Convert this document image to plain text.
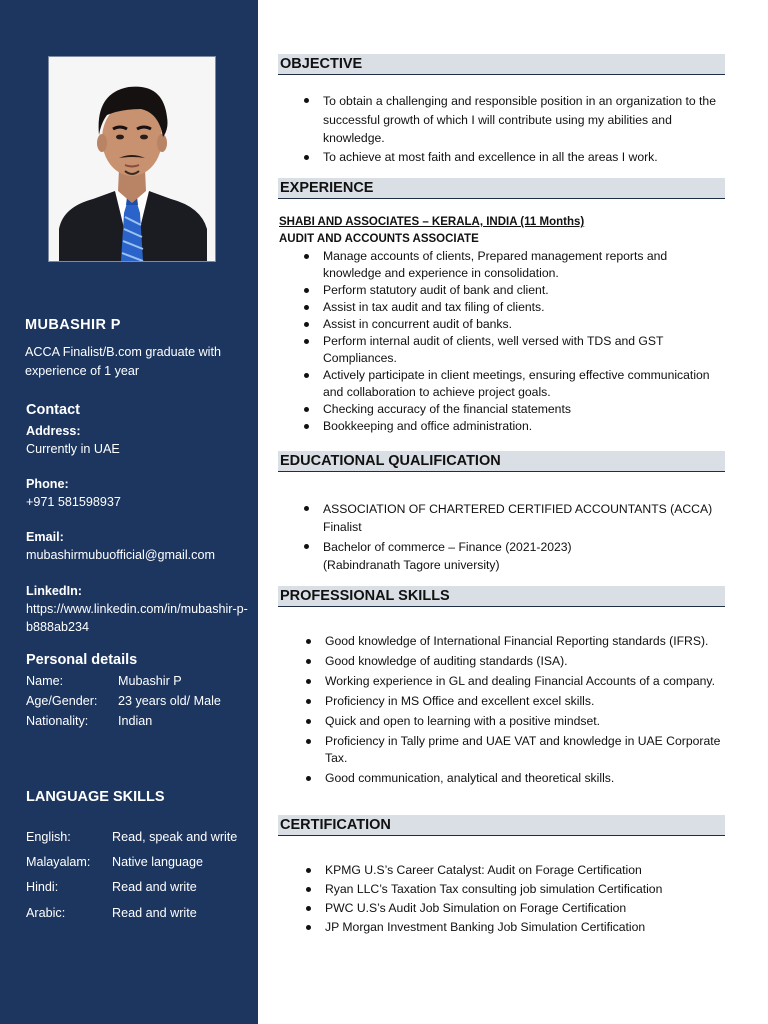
MUBASHIR P
ACCA Finalist/B.com graduate with experience of 1 year
Contact
Address:
Currently in UAE
Phone:
+971 581598937
Email:
mubashirmubuofficial@gmail.com
LinkedIn:
https://www.linkedin.com/in/mubashir-p-b888ab234
Personal details
Name:	Mubashir P
Age/Gender: 23 years old/ Male
Nationality: Indian
LANGUAGE SKILLS
English:	Read, speak and write
Malayalam: Native language
Hindi:	Read and write
Arabic:	Read and write
OBJECTIVE
To obtain a challenging and responsible position in an organization to the successful growth of which I will contribute using my abilities and knowledge.
To achieve at most faith and excellence in all the areas I work.
EXPERIENCE
SHABI AND ASSOCIATES – KERALA, INDIA (11 Months)
AUDIT AND ACCOUNTS ASSOCIATE
Manage accounts of clients, Prepared management reports and knowledge and experience in consolidation.
Perform statutory audit of bank and client.
Assist in tax audit and tax filing of clients.
Assist in concurrent audit of banks.
Perform internal audit of clients, well versed with TDS and GST Compliances.
Actively participate in client meetings, ensuring effective communication and collaboration to achieve project goals.
Checking accuracy of the financial statements
Bookkeeping and office administration.
EDUCATIONAL QUALIFICATION
ASSOCIATION OF CHARTERED CERTIFIED ACCOUNTANTS (ACCA)
Finalist
Bachelor of commerce – Finance (2021-2023)
(Rabindranath Tagore university)
PROFESSIONAL SKILLS
Good knowledge of International Financial Reporting standards (IFRS).
Good knowledge of auditing standards (ISA).
Working experience in GL and dealing Financial Accounts of a company.
Proficiency in MS Office and excellent excel skills.
Quick and open to learning with a positive mindset.
Proficiency in Tally prime and UAE VAT and knowledge in UAE Corporate Tax.
Good communication, analytical and theoretical skills.
CERTIFICATION
KPMG U.S’s Career Catalyst: Audit on Forage Certification
Ryan LLC’s Taxation Tax consulting job simulation Certification
PWC U.S’s Audit Job Simulation on Forage Certification
JP Morgan Investment Banking Job Simulation Certification
